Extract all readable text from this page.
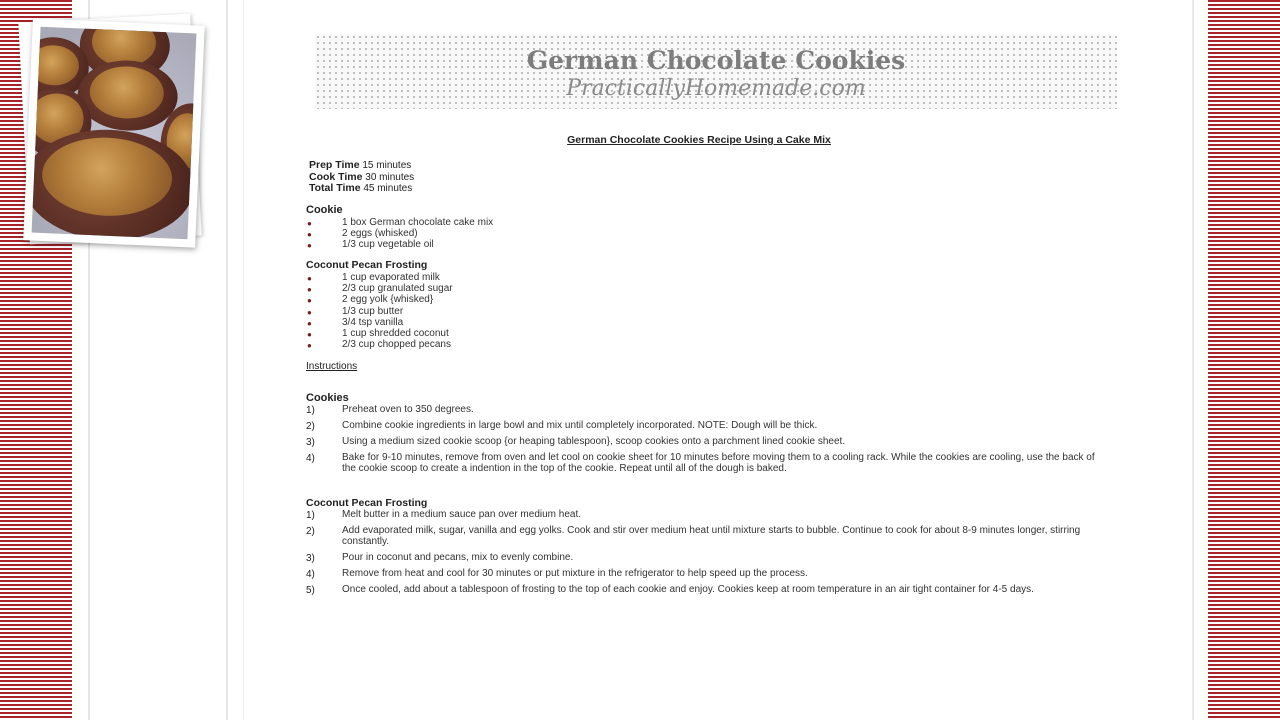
German Chocolate Cookies
PracticallyHomemade.com
German Chocolate Cookies Recipe Using a Cake Mix
Prep Time 15 minutes
Cook Time 30 minutes
Total Time 45 minutes
Cookie
●	1 box German chocolate cake mix
●	2 eggs (whisked)
●	1/3 cup vegetable oil
Coconut Pecan Frosting
●	1 cup evaporated milk
●	2/3 cup granulated sugar
●	2 egg yolk {whisked}
●	1/3 cup butter
●	3/4 tsp vanilla
●	1 cup shredded coconut
●	2/3 cup chopped pecans
Instructions
Cookies
1)	Preheat oven to 350 degrees.
2)	Combine cookie ingredients in large bowl and mix until completely incorporated. NOTE: Dough will be thick.
3)	Using a medium sized cookie scoop {or heaping tablespoon}, scoop cookies onto a parchment lined cookie sheet.
4)	Bake for 9-10 minutes, remove from oven and let cool on cookie sheet for 10 minutes before moving them to a cooling rack. While the cookies are cooling, use the back of the cookie scoop to create a indention in the top of the cookie. Repeat until all of the dough is baked.
Coconut Pecan Frosting
1)	Melt butter in a medium sauce pan over medium heat.
2)	Add evaporated milk, sugar, vanilla and egg yolks. Cook and stir over medium heat until mixture starts to bubble. Continue to cook for about 8-9 minutes longer, stirring constantly.
3)	Pour in coconut and pecans, mix to evenly combine.
4)	Remove from heat and cool for 30 minutes or put mixture in the refrigerator to help speed up the process.
5)	Once cooled, add about a tablespoon of frosting to the top of each cookie and enjoy. Cookies keep at room temperature in an air tight container for 4-5 days.
